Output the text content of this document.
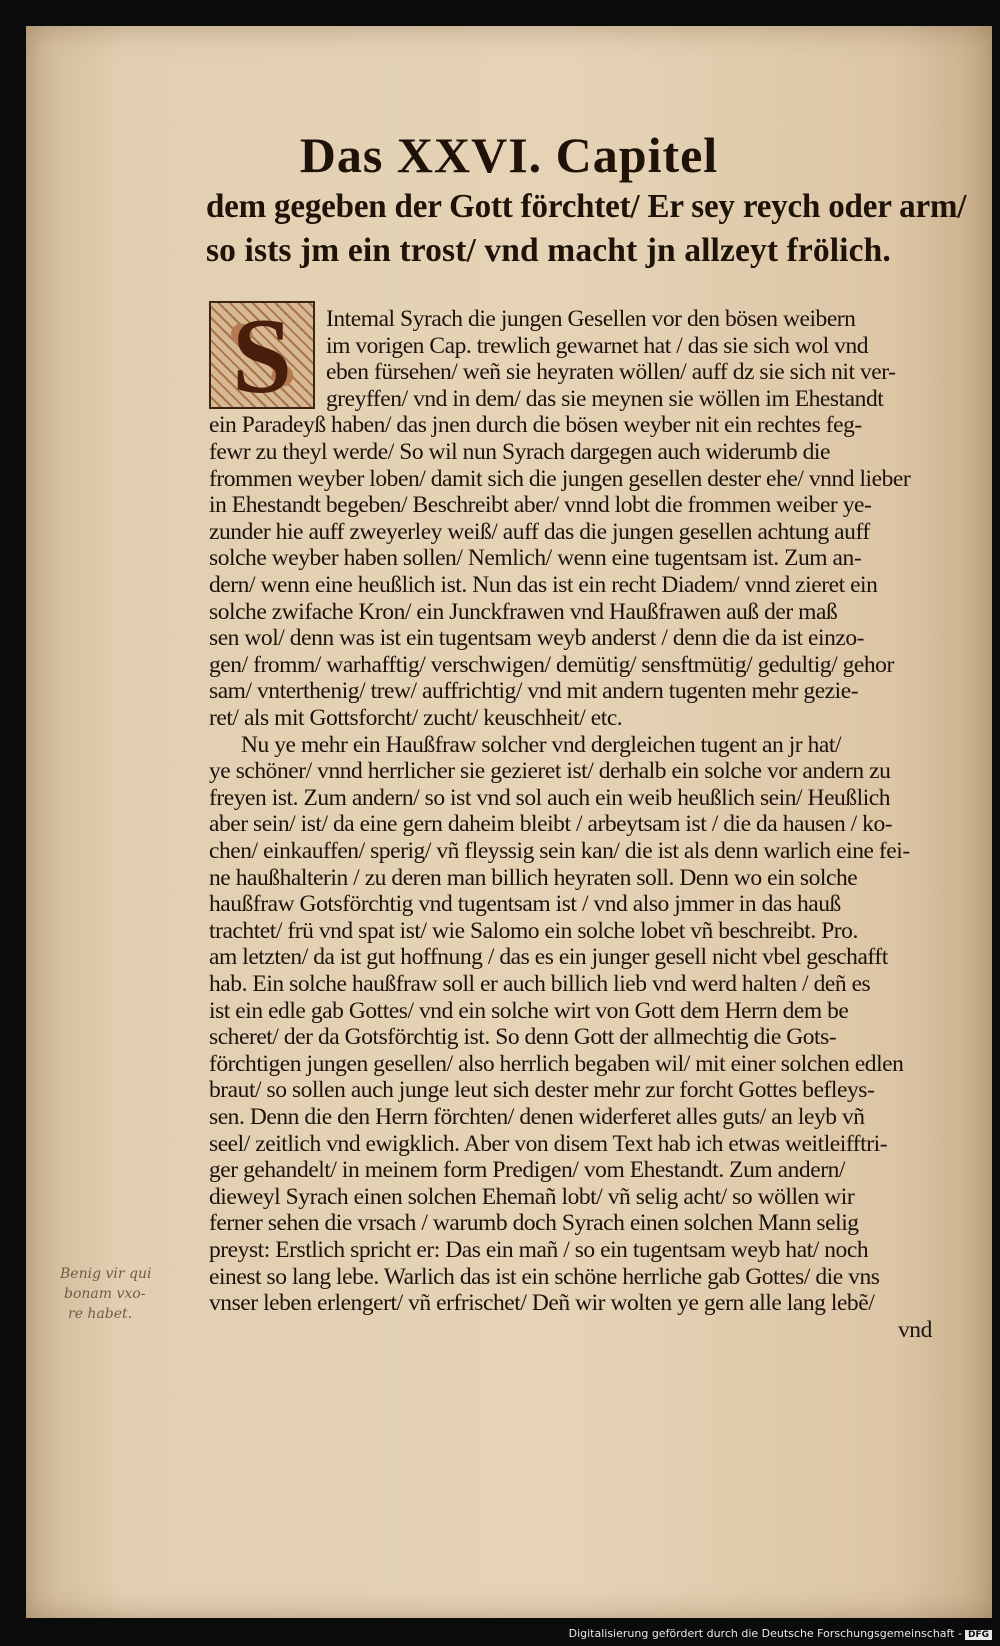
Das XXVI. Capitel
dem gegeben der Gott förchtet/ Er sey reych oder arm/
so ists jm ein trost/ vnd macht jn allzeyt frölich.
S	Intemal Syrach die jungen Gesellen vor den bösen weibern
im vorigen Cap. trewlich gewarnet hat / das sie sich wol vnd
eben fürsehen/ weñ sie heyraten wöllen/ auff dz sie sich nit ver-
greyffen/ vnd in dem/ das sie meynen sie wöllen im Ehestandt
ein Paradeyß haben/ das jnen durch die bösen weyber nit ein rechtes feg-
fewr zu theyl werde/ So wil nun Syrach dargegen auch widerumb die
frommen weyber loben/ damit sich die jungen gesellen dester ehe/ vnnd lieber
in Ehestandt begeben/ Beschreibt aber/ vnnd lobt die frommen weiber ye-
zunder hie auff zweyerley weiß/ auff das die jungen gesellen achtung auff
solche weyber haben sollen/ Nemlich/ wenn eine tugentsam ist. Zum an-
dern/ wenn eine heußlich ist. Nun das ist ein recht Diadem/ vnnd zieret ein
solche zwifache Kron/ ein Junckfrawen vnd Haußfrawen auß der maß
sen wol/ denn was ist ein tugentsam weyb anderst / denn die da ist einzo-
gen/ fromm/ warhafftig/ verschwigen/ demütig/ sensftmütig/ gedultig/ gehor
sam/ vnterthenig/ trew/ auffrichtig/ vnd mit andern tugenten mehr gezie-
ret/ als mit Gottsforcht/ zucht/ keuschheit/ etc.
Nu ye mehr ein Haußfraw solcher vnd dergleichen tugent an jr hat/
ye schöner/ vnnd herrlicher sie gezieret ist/ derhalb ein solche vor andern zu
freyen ist. Zum andern/ so ist vnd sol auch ein weib heußlich sein/ Heußlich
aber sein/ ist/ da eine gern daheim bleibt / arbeytsam ist / die da hausen / ko-
chen/ einkauffen/ sperig/ vñ fleyssig sein kan/ die ist als denn warlich eine fei-
ne haußhalterin / zu deren man billich heyraten soll. Denn wo ein solche
haußfraw Gotsförchtig vnd tugentsam ist / vnd also jmmer in das hauß
trachtet/ frü vnd spat ist/ wie Salomo ein solche lobet vñ beschreibt. Pro.
am letzten/ da ist gut hoffnung / das es ein junger gesell nicht vbel geschafft
hab. Ein solche haußfraw soll er auch billich lieb vnd werd halten / deñ es
ist ein edle gab Gottes/ vnd ein solche wirt von Gott dem Herrn dem be
scheret/ der da Gotsförchtig ist. So denn Gott der allmechtig die Gots-
förchtigen jungen gesellen/ also herrlich begaben wil/ mit einer solchen edlen
braut/ so sollen auch junge leut sich dester mehr zur forcht Gottes befleys-
sen. Denn die den Herrn förchten/ denen widerferet alles guts/ an leyb vñ
seel/ zeitlich vnd ewigklich. Aber von disem Text hab ich etwas weitleifftri-
ger gehandelt/ in meinem form Predigen/ vom Ehestandt. Zum andern/
dieweyl Syrach einen solchen Ehemañ lobt/ vñ selig acht/ so wöllen wir
ferner sehen die vrsach / warumb doch Syrach einen solchen Mann selig
preyst: Erstlich spricht er: Das ein mañ / so ein tugentsam weyb hat/ noch
einest so lang lebe. Warlich das ist ein schöne herrliche gab Gottes/ die vns
vnser leben erlengert/ vñ erfrischet/ Deñ wir wolten ye gern alle lang lebẽ/
vnd
Benig vir qui
bonam vxo-
re habet.
Digitalisierung gefördert durch die Deutsche Forschungsgemeinschaft - DFG
